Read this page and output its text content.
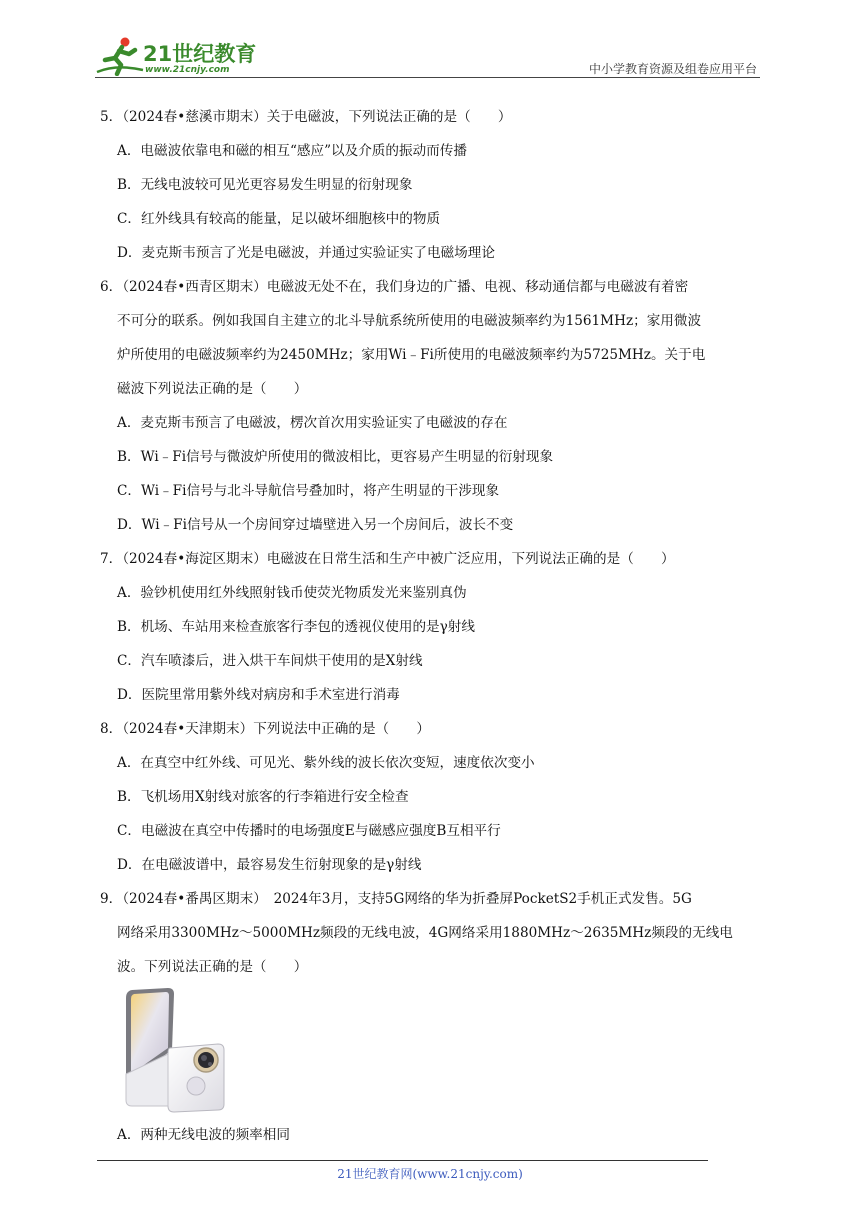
21世纪教育
www.21cnjy.com	中小学教育资源及组卷应用平台
5．（2024春•慈溪市期末）关于电磁波，下列说法正确的是（　　）
A．电磁波依靠电和磁的相互“感应”以及介质的振动而传播
B．无线电波较可见光更容易发生明显的衍射现象
C．红外线具有较高的能量，足以破坏细胞核中的物质
D．麦克斯韦预言了光是电磁波，并通过实验证实了电磁场理论
6．（2024春•西青区期末）电磁波无处不在，我们身边的广播、电视、移动通信都与电磁波有着密
不可分的联系。例如我国自主建立的北斗导航系统所使用的电磁波频率约为1561MHz；家用微波
炉所使用的电磁波频率约为2450MHz；家用Wi﹣Fi所使用的电磁波频率约为5725MHz。关于电
磁波下列说法正确的是（　　）
A．麦克斯韦预言了电磁波，楞次首次用实验证实了电磁波的存在
B．Wi﹣Fi信号与微波炉所使用的微波相比，更容易产生明显的衍射现象
C．Wi﹣Fi信号与北斗导航信号叠加时，将产生明显的干涉现象
D．Wi﹣Fi信号从一个房间穿过墙壁进入另一个房间后，波长不变
7．（2024春•海淀区期末）电磁波在日常生活和生产中被广泛应用，下列说法正确的是（　　）
A．验钞机使用红外线照射钱币使荧光物质发光来鉴别真伪
B．机场、车站用来检查旅客行李包的透视仪使用的是γ射线
C．汽车喷漆后，进入烘干车间烘干使用的是X射线
D．医院里常用紫外线对病房和手术室进行消毒
8．（2024春•天津期末）下列说法中正确的是（　　）
A．在真空中红外线、可见光、紫外线的波长依次变短，速度依次变小
B．飞机场用X射线对旅客的行李箱进行安全检查
C．电磁波在真空中传播时的电场强度E与磁感应强度B互相平行
D．在电磁波谱中，最容易发生衍射现象的是γ射线
9．（2024春•番禺区期末）　2024年3月，支持5G网络的华为折叠屏PocketS2手机正式发售。5G
网络采用3300MHz～5000MHz频段的无线电波，4G网络采用1880MHz～2635MHz频段的无线电
波。下列说法正确的是（　　）
A．两种无线电波的频率相同
21世纪教育网(www.21cnjy.com)
